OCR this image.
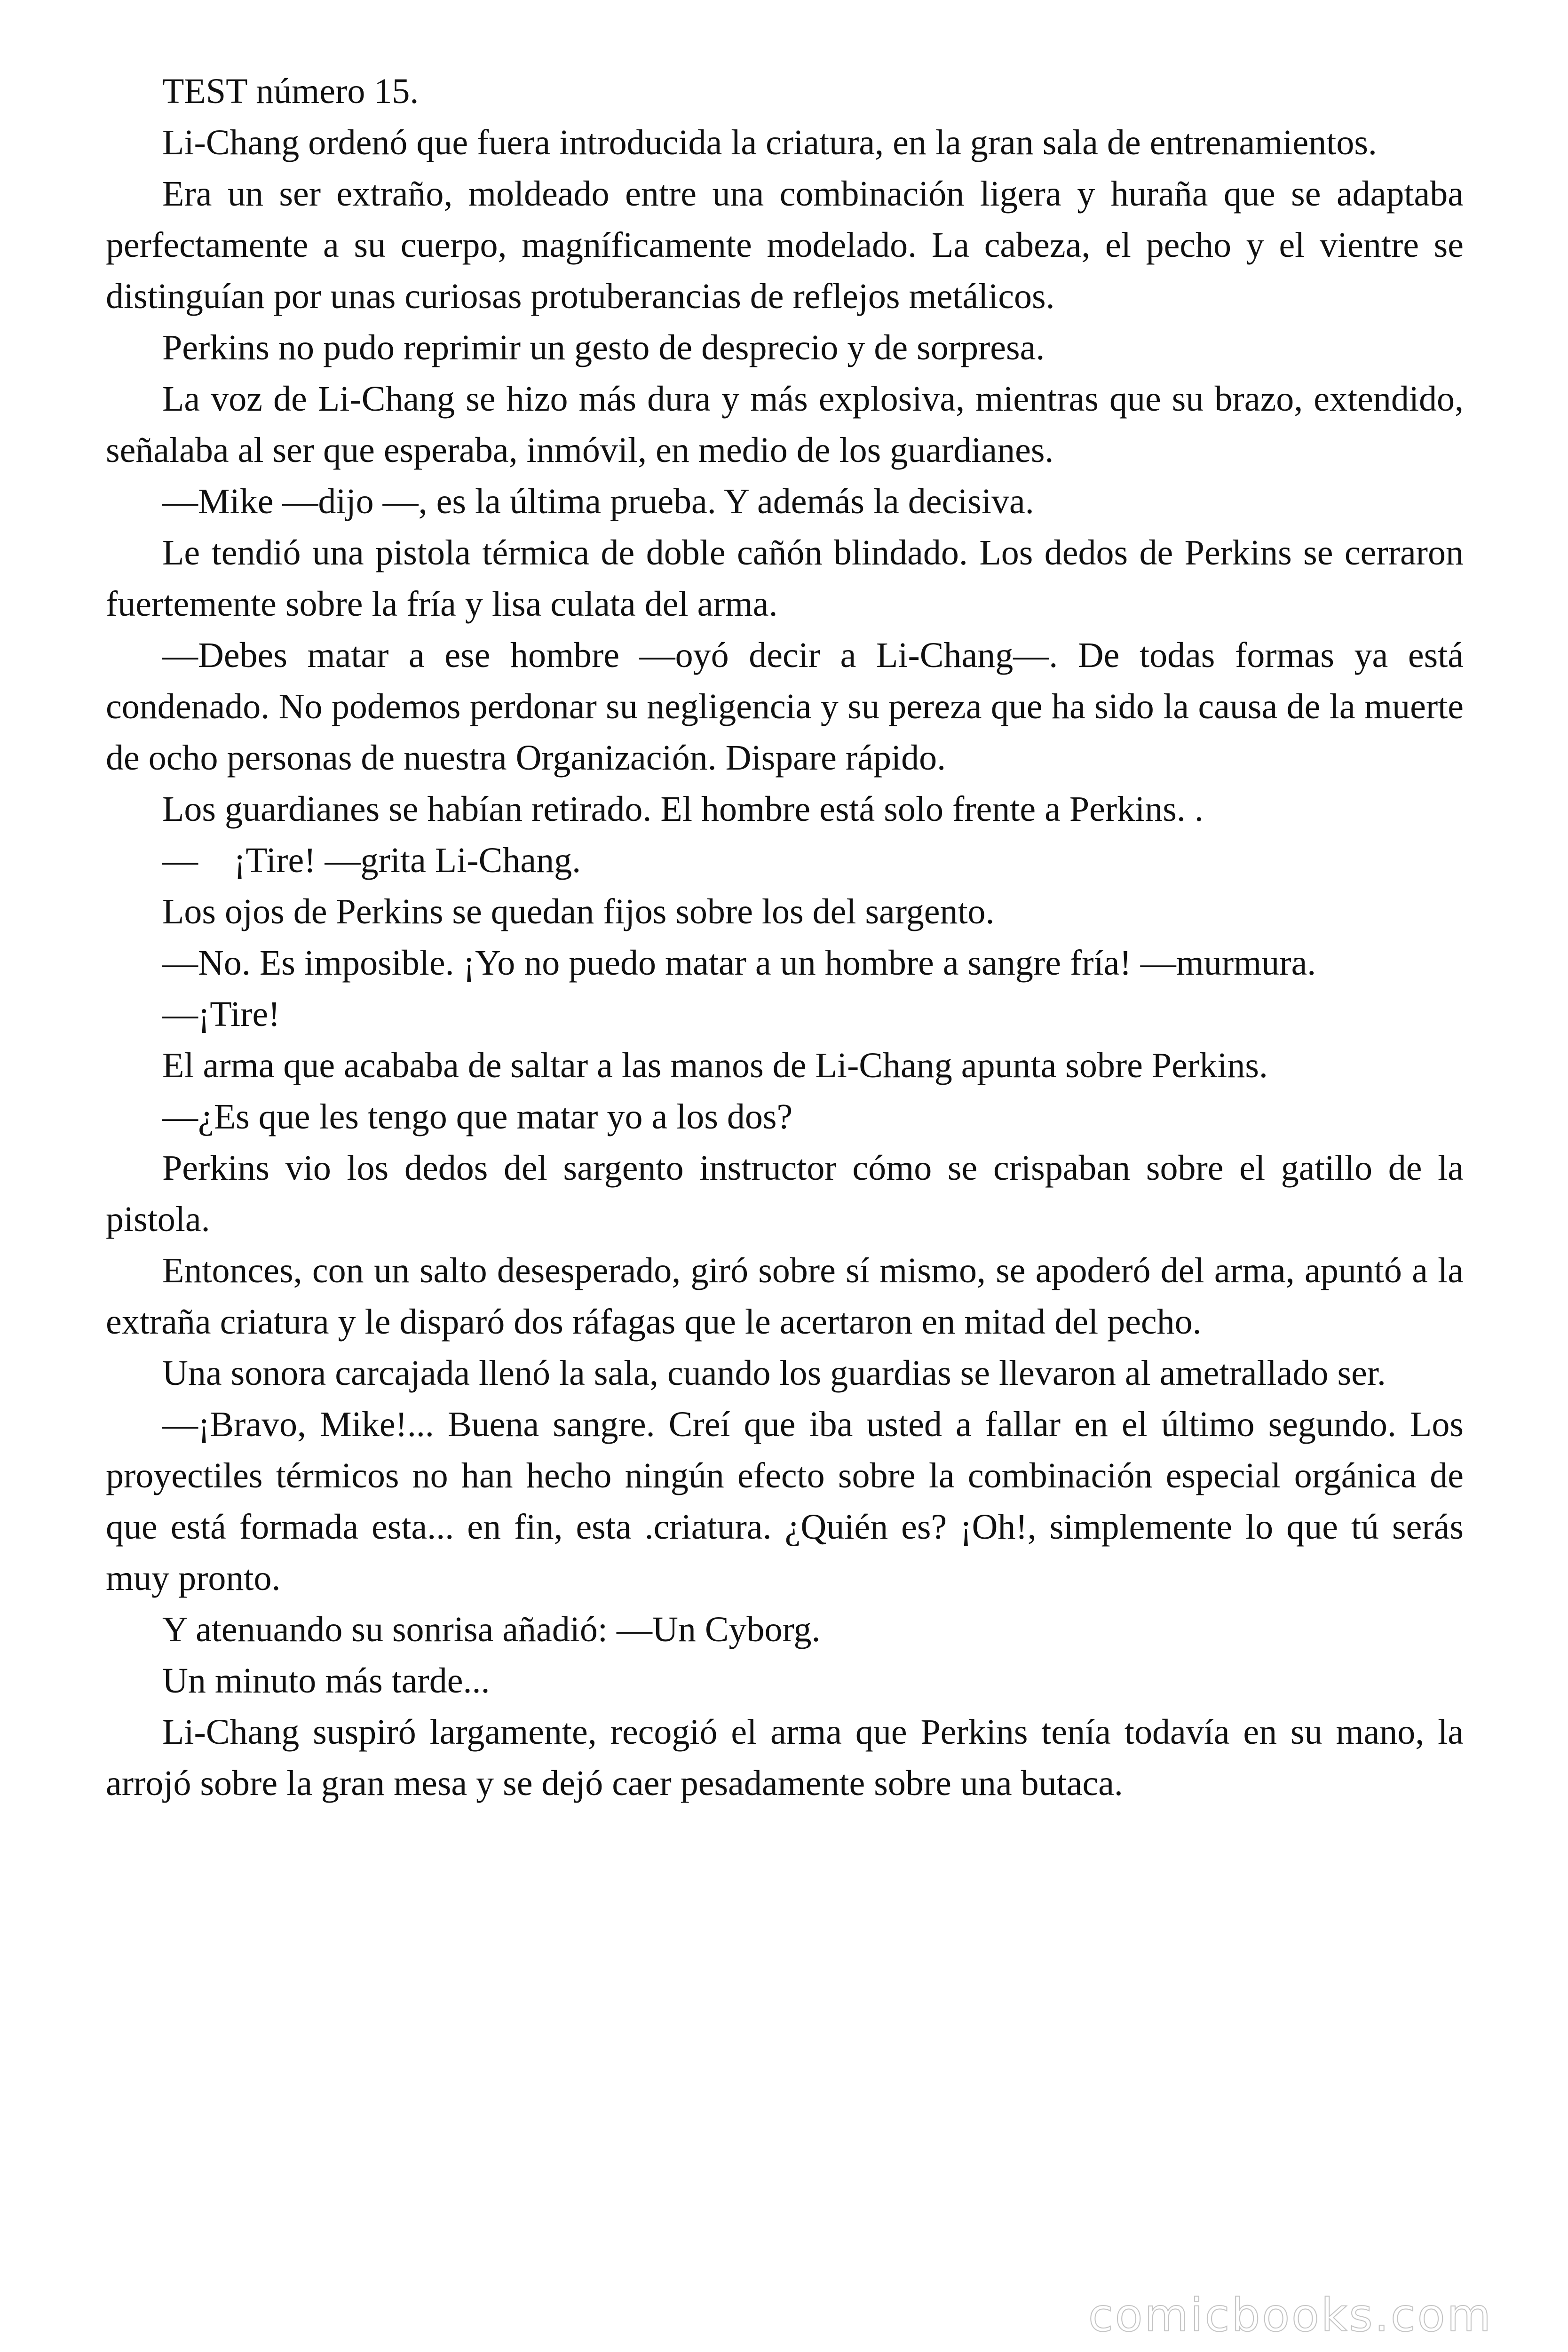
TEST número 15.

Li-Chang ordenó que fuera introducida la criatura, en la gran sala de entrenamientos.

Era un ser extraño, moldeado entre una combinación ligera y huraña que se adaptaba perfectamente a su cuerpo, magníficamente modelado. La cabeza, el pecho y el vientre se distinguían por unas curiosas protuberancias de reflejos metálicos.

Perkins no pudo reprimir un gesto de desprecio y de sorpresa.

La voz de Li-Chang se hizo más dura y más explosiva, mientras que su brazo, extendido, señalaba al ser que esperaba, inmóvil, en medio de los guardianes.

—Mike —dijo —, es la última prueba. Y además la decisiva.

Le tendió una pistola térmica de doble cañón blindado. Los dedos de Perkins se cerraron fuertemente sobre la fría y lisa culata del arma.

—Debes matar a ese hombre —oyó decir a Li-Chang—. De todas formas ya está condenado. No podemos perdonar su negligencia y su pereza que ha sido la causa de la muerte de ocho personas de nuestra Organización. Dispare rápido.

Los guardianes se habían retirado. El hombre está solo frente a Perkins. .

—    ¡Tire! —grita Li-Chang.

Los ojos de Perkins se quedan fijos sobre los del sargento.

—No. Es imposible. ¡Yo no puedo matar a un hombre a sangre fría! —murmura.

—¡Tire!

El arma que acababa de saltar a las manos de Li-Chang apunta sobre Perkins.

—¿Es que les tengo que matar yo a los dos?

Perkins vio los dedos del sargento instructor cómo se crispaban sobre el gatillo de la pistola.

Entonces, con un salto desesperado, giró sobre sí mismo, se apoderó del arma, apuntó a la extraña criatura y le disparó dos ráfagas que le acertaron en mitad del pecho.

Una sonora carcajada llenó la sala, cuando los guardias se llevaron al ametrallado ser.

—¡Bravo, Mike!... Buena sangre. Creí que iba usted a fallar en el último segundo. Los proyectiles térmicos no han hecho ningún efecto sobre la combinación especial orgánica de que está formada esta... en fin, esta .criatura. ¿Quién es? ¡Oh!, simplemente lo que tú serás muy pronto.

Y atenuando su sonrisa añadió: —Un Cyborg.

Un minuto más tarde...

Li-Chang suspiró largamente, recogió el arma que Perkins tenía todavía en su mano, la arrojó sobre la gran mesa y se dejó caer pesadamente sobre una butaca.

comicbooks.com
